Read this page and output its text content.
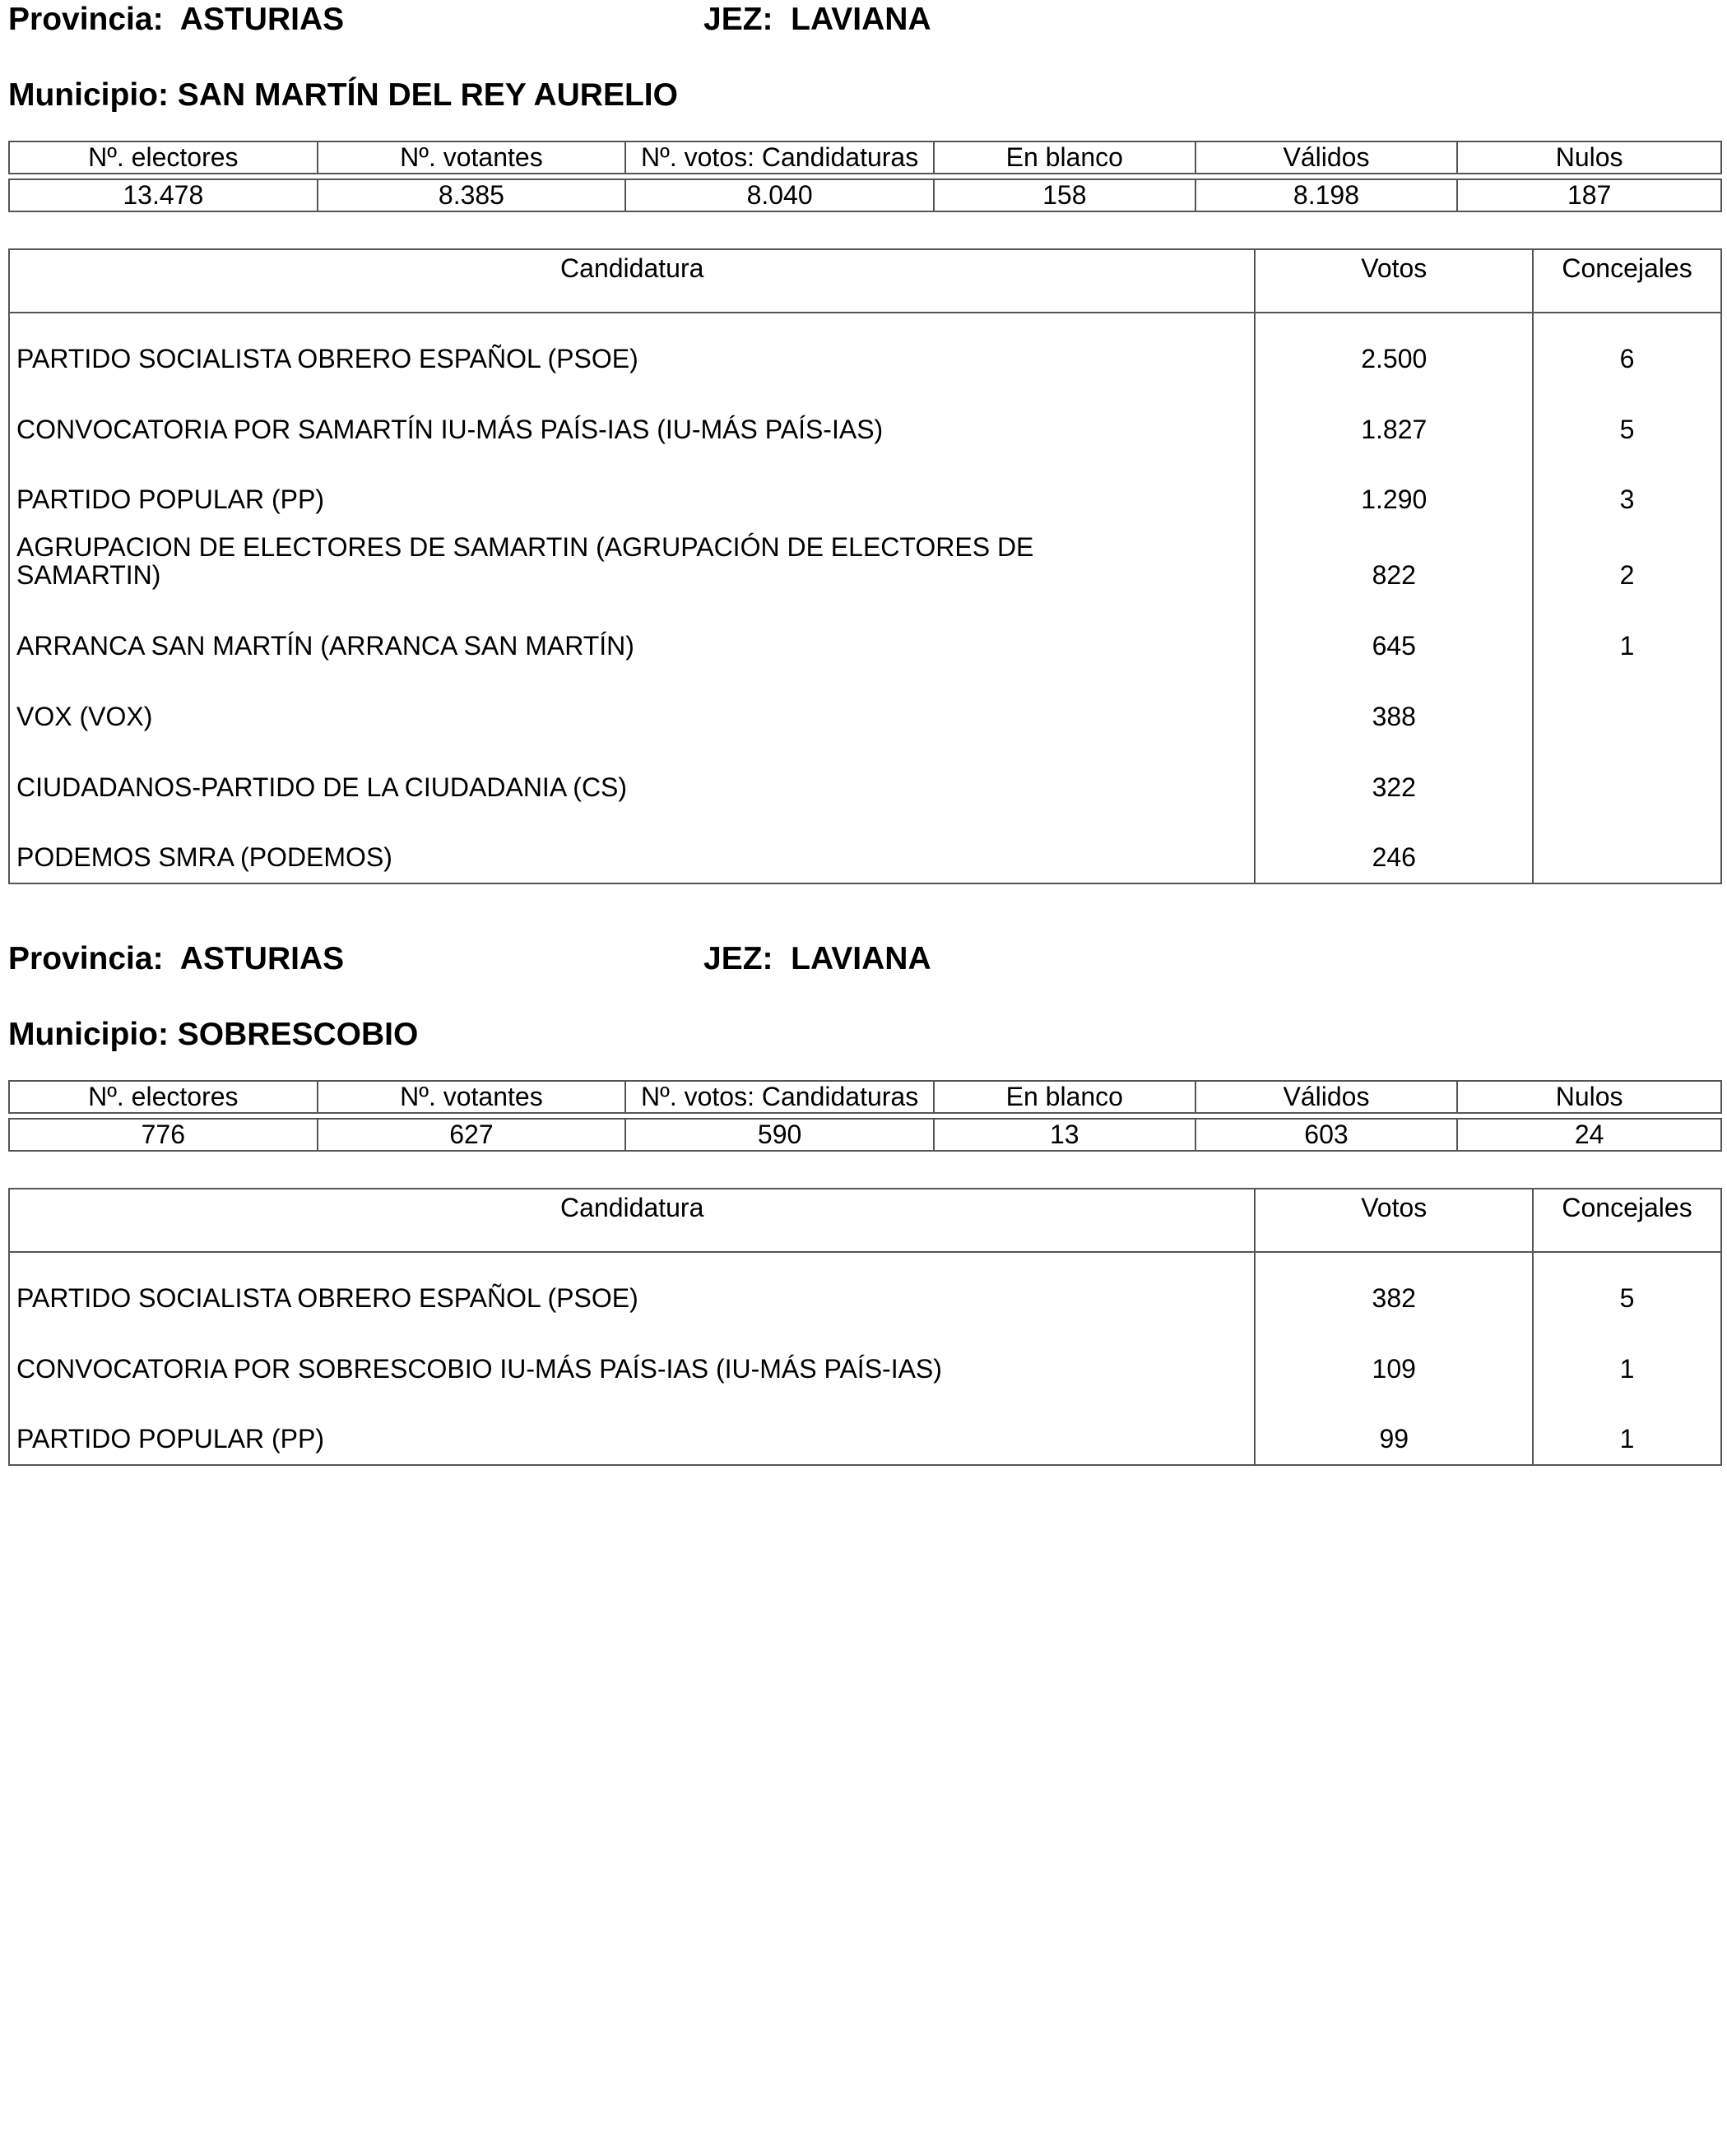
Provincia:  ASTURIAS	JEZ:  LAVIANA
Municipio: SAN MARTÍN DEL REY AURELIO
Nº. electores	Nº. votantes	Nº. votos: Candidaturas	En blanco	Válidos	Nulos

13.478	8.385	8.040	158	8.198	187
Candidatura	Votos	Concejales
PARTIDO SOCIALISTA OBRERO ESPAÑOL (PSOE)	2.500	6
CONVOCATORIA POR SAMARTÍN IU-MÁS PAÍS-IAS (IU-MÁS PAÍS-IAS)	1.827	5
PARTIDO POPULAR (PP)	1.290	3
AGRUPACION DE ELECTORES DE SAMARTIN (AGRUPACIÓN DE ELECTORES DE SAMARTIN)	822	2
ARRANCA SAN MARTÍN (ARRANCA SAN MARTÍN)	645	1
VOX (VOX)	388	
CIUDADANOS-PARTIDO DE LA CIUDADANIA (CS)	322	
PODEMOS SMRA (PODEMOS)	246	
Provincia:  ASTURIAS	JEZ:  LAVIANA
Municipio: SOBRESCOBIO
Nº. electores	Nº. votantes	Nº. votos: Candidaturas	En blanco	Válidos	Nulos

776	627	590	13	603	24
Candidatura	Votos	Concejales
PARTIDO SOCIALISTA OBRERO ESPAÑOL (PSOE)	382	5
CONVOCATORIA POR SOBRESCOBIO IU-MÁS PAÍS-IAS (IU-MÁS PAÍS-IAS)	109	1
PARTIDO POPULAR (PP)	99	1
